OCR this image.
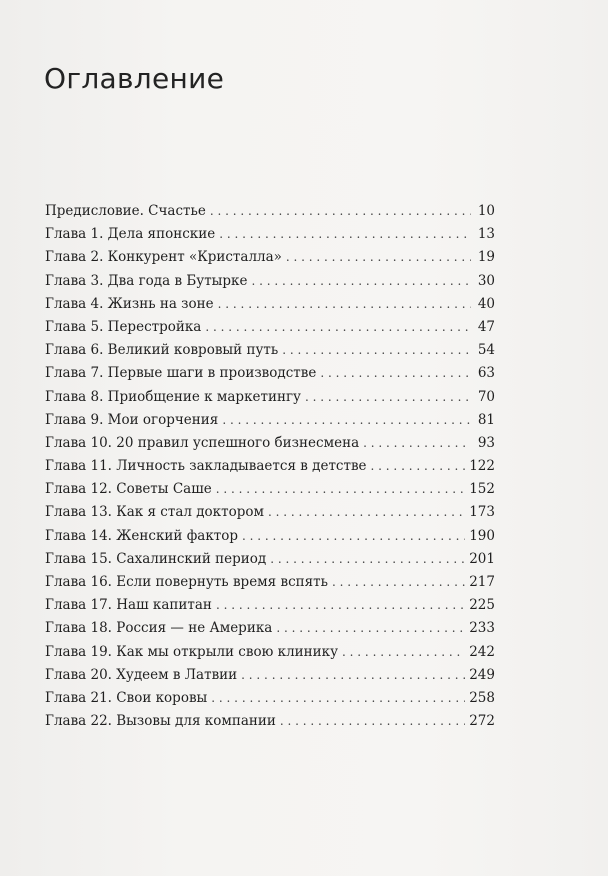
Оглавление
Предисловие. Счастье . . .	10
Глава 1. Дела японские . . .	13
Глава 2. Конкурент «Кристалла» . . .	19
Глава 3. Два года в Бутырке . . .	30
Глава 4. Жизнь на зоне . . .	40
Глава 5. Перестройка . . .	47
Глава 6. Великий ковровый путь . . .	54
Глава 7. Первые шаги в производстве . . .	63
Глава 8. Приобщение к маркетингу . . .	70
Глава 9. Мои огорчения . . .	81
Глава 10. 20 правил успешного бизнесмена . . .	93
Глава 11. Личность закладывается в детстве . . .	122
Глава 12. Советы Саше . . .	152
Глава 13. Как я стал доктором . . .	173
Глава 14. Женский фактор . . .	190
Глава 15. Сахалинский период . . .	201
Глава 16. Если повернуть время вспять . . .	217
Глава 17. Наш капитан . . .	225
Глава 18. Россия — не Америка . . .	233
Глава 19. Как мы открыли свою клинику . . .	242
Глава 20. Худеем в Латвии . . .	249
Глава 21. Свои коровы . . .	258
Глава 22. Вызовы для компании . . .	272
